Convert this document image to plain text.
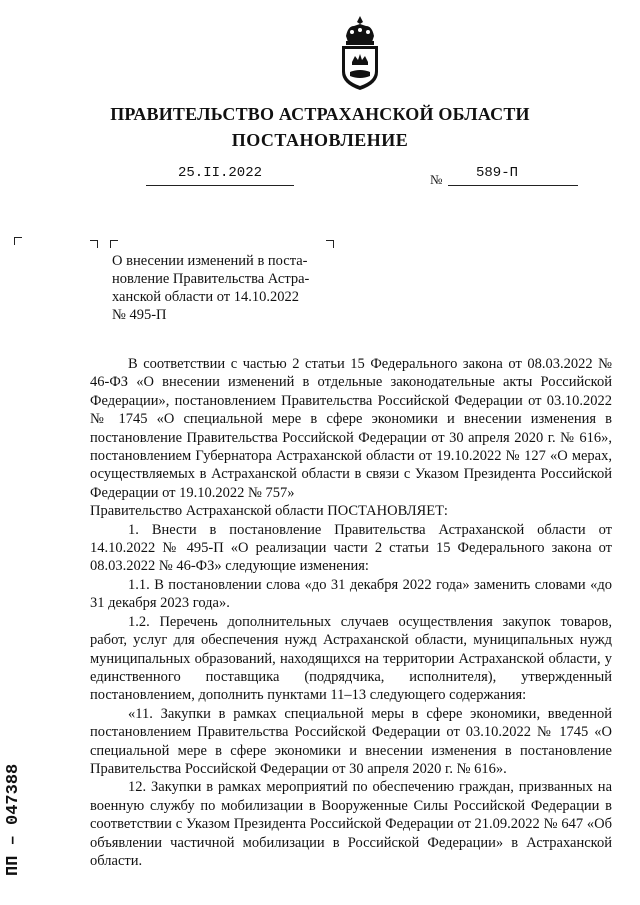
ПРАВИТЕЛЬСТВО АСТРАХАНСКОЙ ОБЛАСТИ
ПОСТАНОВЛЕНИЕ
25.II.2022	№	589-П
О внесении изменений в поста-
новление Правительства Астра-
ханской области от 14.10.2022
№ 495-П

В соответствии с частью 2 статьи 15 Федерального закона от 08.03.2022 № 46-ФЗ «О внесении изменений в отдельные законодательные акты Российской Федерации», постановлением Правительства Российской Федерации от 03.10.2022 № 1745 «О специальной мере в сфере экономики и внесении изменения в постановление Правительства Российской Федерации от 30 апреля 2020 г. № 616», постановлением Губернатора Астраханской области от 19.10.2022 № 127 «О мерах, осуществляемых в Астраханской области в связи с Указом Президента Российской Федерации от 19.10.2022 № 757»

Правительство Астраханской области ПОСТАНОВЛЯЕТ:

1. Внести в постановление Правительства Астраханской области от 14.10.2022 № 495-П «О реализации части 2 статьи 15 Федерального закона от 08.03.2022 № 46-ФЗ» следующие изменения:

1.1. В постановлении слова «до 31 декабря 2022 года» заменить словами «до 31 декабря 2023 года».

1.2. Перечень дополнительных случаев осуществления закупок товаров, работ, услуг для обеспечения нужд Астраханской области, муниципальных нужд муниципальных образований, находящихся на территории Астраханской области, у единственного поставщика (подрядчика, исполнителя), утвержденный постановлением, дополнить пунктами 11–13 следующего содержания:

«11. Закупки в рамках специальной меры в сфере экономики, введенной постановлением Правительства Российской Федерации от 03.10.2022 № 1745 «О специальной мере в сфере экономики и внесении изменения в постановление Правительства Российской Федерации от 30 апреля 2020 г. № 616».

12. Закупки в рамках мероприятий по обеспечению граждан, призванных на военную службу по мобилизации в Вооруженные Силы Российской Федерации в соответствии с Указом Президента Российской Федерации от 21.09.2022 № 647 «Об объявлении частичной мобилизации в Российской Федерации» в Астраханской области.

ПП – 047388
